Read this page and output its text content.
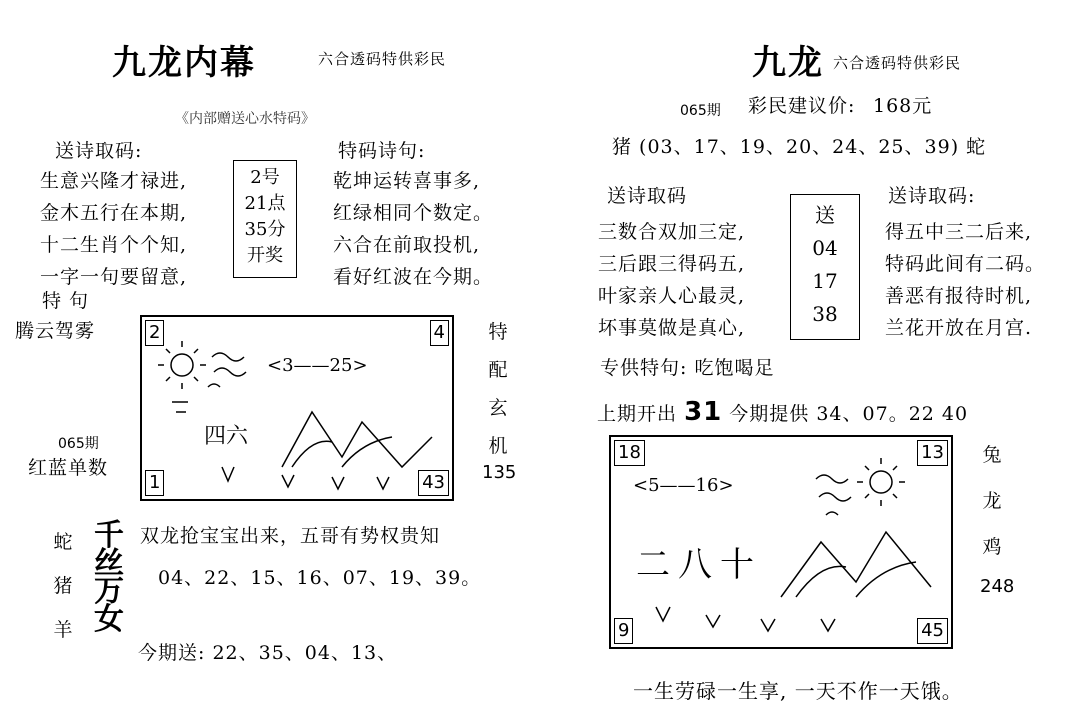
九龙内幕	六合透码特供彩民
《内部赠送心水特码》
送诗取码:
生意兴隆才禄进,
金木五行在本期,
十二生肖个个知,
一字一句要留意,
2号
21点
35分
开奖
特码诗句:
乾坤运转喜事多,
红绿相同个数定。
六合在前取投机,
看好红波在今期。
特 句
腾云驾雾
065期
红蓝单数
2	4
1	43
<3——25>
四六
特
配
玄
机
135
蛇
猪
羊
千
丝
万
女
双龙抢宝宝出来，五哥有势权贵知
04、22、15、16、07、19、39。
今期送: 22、35、04、13、
九龙 六合透码特供彩民
065期 彩民建议价: 168元
猪 (03、17、19、20、24、25、39) 蛇
送诗取码
三数合双加三定,
三后跟三得码五,
叶家亲人心最灵,
坏事莫做是真心,
送
04
17
38
送诗取码:
得五中三二后来,
特码此间有二码。
善恶有报待时机,
兰花开放在月宫.
专供特句: 吃饱喝足
上期开出 31 今期提供 34、07。22 40
18	13
9	45
<5——16>
二八十
兔
龙
鸡
248
一生劳碌一生享, 一天不作一天饿。
